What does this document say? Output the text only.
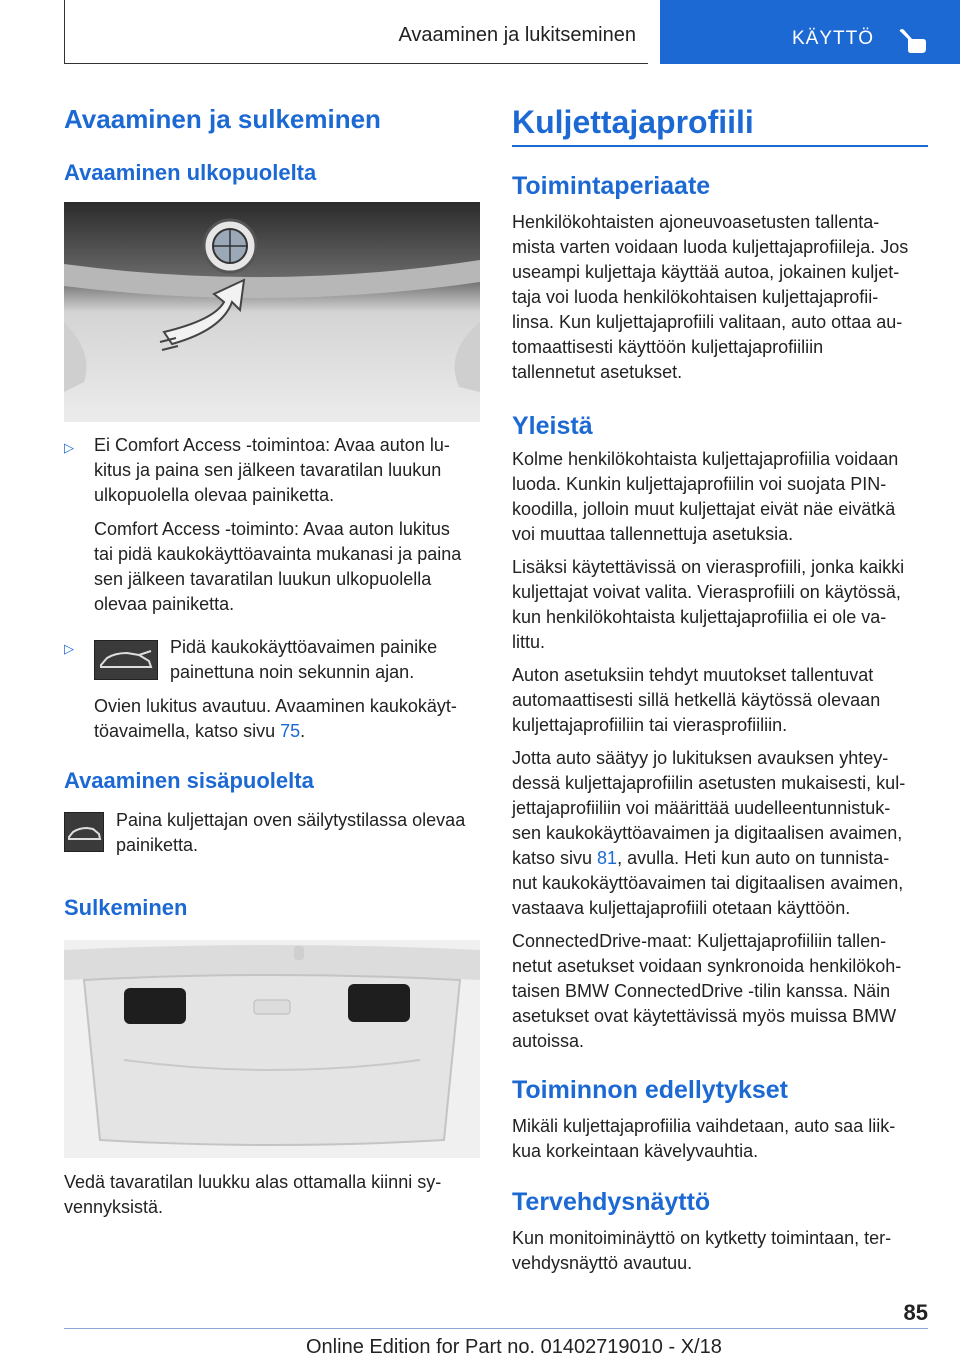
Avaaminen ja lukitseminen	KÄYTTÖ
Avaaminen ja sulkeminen
Avaaminen ulkopuolelta
▷ Ei Comfort Access -toimintoa: Avaa auton lu-

kitus ja paina sen jälkeen tavaratilan luukun

ulkopuolella olevaa painiketta.

Comfort Access -toiminto: Avaa auton lukitus

tai pidä kaukokäyttöavainta mukanasi ja paina

sen jälkeen tavaratilan luukun ulkopuolella

olevaa painiketta.

▷	Pidä kaukokäyttöavaimen painike

painettuna noin sekunnin ajan.

Ovien lukitus avautuu. Avaaminen kaukokäyt-

töavaimella, katso sivu 75.

Avaaminen sisäpuolelta

Paina kuljettajan oven säilytystilassa olevaa

painiketta.

Sulkeminen

Vedä tavaratilan luukku alas ottamalla kiinni sy-

vennyksistä.

Kuljettajaprofiili
Toimintaperiaate

Henkilökohtaisten ajoneuvoasetusten tallenta-

mista varten voidaan luoda kuljettajaprofiileja. Jos

useampi kuljettaja käyttää autoa, jokainen kuljet-

taja voi luoda henkilökohtaisen kuljettajaprofii-

linsa. Kun kuljettajaprofiili valitaan, auto ottaa au-

tomaattisesti käyttöön kuljettajaprofiiliin

tallennetut asetukset.

Yleistä

Kolme henkilökohtaista kuljettajaprofiilia voidaan

luoda. Kunkin kuljettajaprofiilin voi suojata PIN-

koodilla, jolloin muut kuljettajat eivät näe eivätkä

voi muuttaa tallennettuja asetuksia.

Lisäksi käytettävissä on vierasprofiili, jonka kaikki

kuljettajat voivat valita. Vierasprofiili on käytössä,

kun henkilökohtaista kuljettajaprofiilia ei ole va-

littu.

Auton asetuksiin tehdyt muutokset tallentuvat

automaattisesti sillä hetkellä käytössä olevaan

kuljettajaprofiiliin tai vierasprofiiliin.

Jotta auto säätyy jo lukituksen avauksen yhtey-

dessä kuljettajaprofiilin asetusten mukaisesti, kul-

jettajaprofiiliin voi määrittää uudelleentunnistuk-

sen kaukokäyttöavaimen ja digitaalisen avaimen,

katso sivu 81, avulla. Heti kun auto on tunnista-

nut kaukokäyttöavaimen tai digitaalisen avaimen,

vastaava kuljettajaprofiili otetaan käyttöön.

ConnectedDrive-maat: Kuljettajaprofiiliin tallen-

netut asetukset voidaan synkronoida henkilökoh-

taisen BMW ConnectedDrive -tilin kanssa. Näin

asetukset ovat käytettävissä myös muissa BMW

autoissa.

Toiminnon edellytykset

Mikäli kuljettajaprofiilia vaihdetaan, auto saa liik-

kua korkeintaan kävelyvauhtia.

Tervehdysnäyttö

Kun monitoiminäyttö on kytketty toimintaan, ter-

vehdysnäyttö avautuu.

85
Online Edition for Part no. 01402719010 - X/18
